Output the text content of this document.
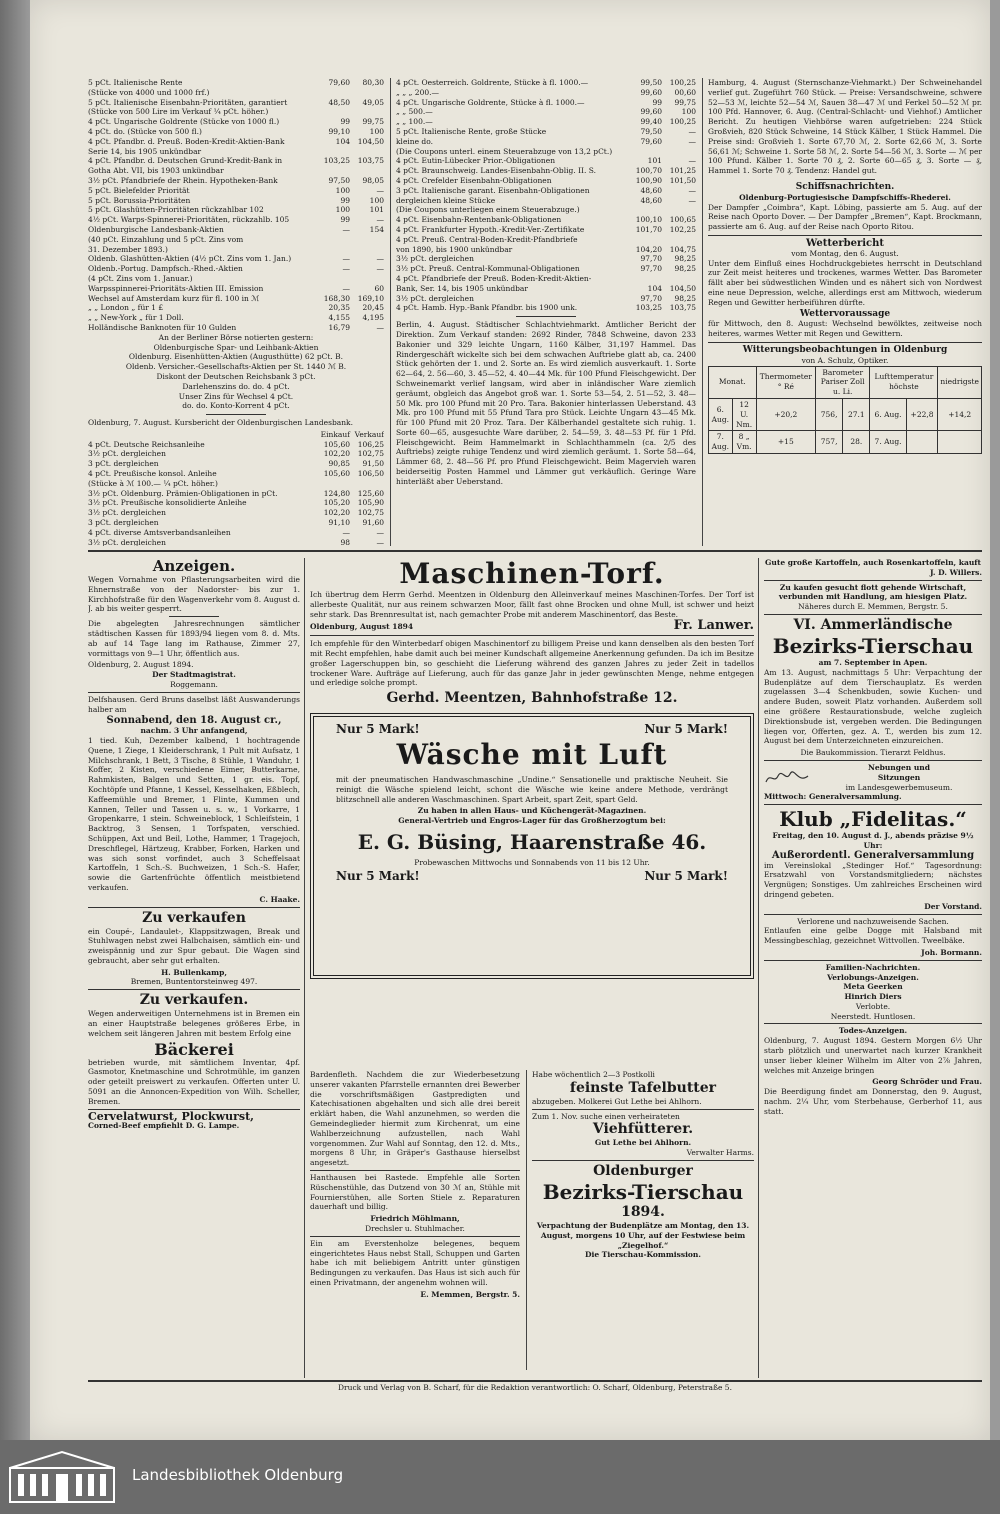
5 pCt. Italienische Rente	79,60	80,30
(Stücke von 4000 und 1000 frf.)
5 pCt. Italienische Eisenbahn-Prioritäten, garantiert	48,50	49,05
(Stücke von 500 Lire im Verkauf ¼ pCt. höher.)
4 pCt. Ungarische Goldrente (Stücke von 1000 fl.)	99	99,75
4 pCt. do. (Stücke von 500 fl.)	99,10	100
4 pCt. Pfandbr. d. Preuß. Boden-Kredit-Aktien-Bank	104	104,50
Serie 14, bis 1905 unkündbar
4 pCt. Pfandbr. d. Deutschen Grund-Kredit-Bank in	103,25	103,75
Gotha Abt. VII, bis 1903 unkündbar
3½ pCt. Pfandbriefe der Rhein. Hypotheken-Bank	97,50	98,05
5 pCt. Bielefelder Priorität	100	—
5 pCt. Borussia-Prioritäten	99	100
5 pCt. Glashütten-Prioritäten rückzahlbar 102	100	101
4½ pCt. Warps-Spinnerei-Prioritäten, rückzahlb. 105	99	—
Oldenburgische Landesbank-Aktien	—	154
(40 pCt. Einzahlung und 5 pCt. Zins vom
31. Dezember 1893.)
Oldenb. Glashütten-Aktien (4½ pCt. Zins vom 1. Jan.)	—	—
Oldenb.-Portug. Dampfsch.-Rhed.-Aktien	—	—
(4 pCt. Zins vom 1. Januar.)
Warpsspinnerei-Prioritäts-Aktien III. Emission	—	60
Wechsel auf Amsterdam kurz für fl. 100 in ℳ	168,30	169,10
„ „ London „ für 1 £	20,35	20,45
„ „ New-York „ für 1 Doll.	4,155	4,195
Holländische Banknoten für 10 Gulden	16,79	—
An der Berliner Börse notierten gestern:
Oldenburgische Spar- und Leihbank-Aktien
Oldenburg. Eisenhütten-Aktien (Augusthütte) 62 pCt. B.
Oldenb. Versicher.-Gesellschafts-Aktien per St. 1440 ℳ B.
Diskont der Deutschen Reichsbank 3 pCt.
Darlehenszins do. do. 4 pCt.
Unser Zins für Wechsel 4 pCt.
do. do. Konto-Korrent 4 pCt.
Oldenburg, 7. August. Kursbericht der Oldenburgischen Landesbank.
Einkauf Verkauf
4 pCt. Deutsche Reichsanleihe	105,60	106,25
3½ pCt. dergleichen	102,20	102,75
3 pCt. dergleichen	90,85	91,50
4 pCt. Preußische konsol. Anleihe	105,60	106,50
(Stücke à ℳ 100.— ¼ pCt. höher.)
3½ pCt. Oldenburg. Prämien-Obligationen in pCt.	124,80	125,60
3½ pCt. Preußische konsolidierte Anleihe	105,20	105,90
3½ pCt. dergleichen	102,20	102,75
3 pCt. dergleichen	91,10	91,60
4 pCt. diverse Amtsverbandsanleihen	—	—
3½ pCt. dergleichen	98	—
4 pCt. Oesterreich. Goldrente, Stücke à fl. 1000.—	99,50	100,25
„ „ „ 200.—	99,60	00,60
4 pCt. Ungarische Goldrente, Stücke à fl. 1000.—	99	99,75
„ „ 500.—	99,60	100
„ „ 100.—	99,40	100,25
5 pCt. Italienische Rente, große Stücke	79,50	—
kleine do.	79,60	—
(Die Coupons unterl. einem Steuerabzuge von 13,2 pCt.)
4 pCt. Eutin-Lübecker Prior.-Obligationen	101	—
4 pCt. Braunschweig. Landes-Eisenbahn-Oblig. II. S.	100,70	101,25
4 pCt. Crefelder Eisenbahn-Obligationen	100,90	101,50
3 pCt. Italienische garant. Eisenbahn-Obligationen	48,60	—
dergleichen kleine Stücke	48,60	—
(Die Coupons unterliegen einem Steuerabzuge.)
4 pCt. Eisenbahn-Rentenbank-Obligationen	100,10	100,65
4 pCt. Frankfurter Hypoth.-Kredit-Ver.-Zertifikate	101,70	102,25
4 pCt. Preuß. Central-Boden-Kredit-Pfandbriefe
von 1890, bis 1900 unkündbar	104,20	104,75
3½ pCt. dergleichen	97,70	98,25
3½ pCt. Preuß. Central-Kommunal-Obligationen	97,70	98,25
4 pCt. Pfandbriefe der Preuß. Boden-Kredit-Aktien-
Bank, Ser. 14, bis 1905 unkündbar	104	104,50
3½ pCt. dergleichen	97,70	98,25
4 pCt. Hamb. Hyp.-Bank Pfandbr. bis 1900 unk.	103,25	103,75
Berlin, 4. August. Städtischer Schlachtviehmarkt. Amtlicher Bericht der Direktion. Zum Verkauf standen: 2692 Rinder, 7848 Schweine, davon 233 Bakonier und 329 leichte Ungarn, 1160 Kälber, 31,197 Hammel. Das Rindergeschäft wickelte sich bei dem schwachen Auftriebe glatt ab, ca. 2400 Stück gehörten der 1. und 2. Sorte an. Es wird ziemlich ausverkauft. 1. Sorte 62—64, 2. 56—60, 3. 45—52, 4. 40—44 Mk. für 100 Pfund Fleischgewicht. Der Schweinemarkt verlief langsam, wird aber in inländischer Ware ziemlich geräumt, obgleich das Angebot groß war. 1. Sorte 53—54, 2. 51—52, 3. 48—50 Mk. pro 100 Pfund mit 20 Pro. Tara. Bakonier hinterlassen Ueberstand. 43 Mk. pro 100 Pfund mit 55 Pfund Tara pro Stück. Leichte Ungarn 43—45 Mk. für 100 Pfund mit 20 Proz. Tara. Der Kälberhandel gestaltete sich ruhig. 1. Sorte 60—65, ausgesuchte Ware darüber, 2. 54—59, 3. 48—53 Pf. für 1 Pfd. Fleischgewicht. Beim Hammelmarkt in Schlachthammeln (ca. 2/5 des Auftriebs) zeigte ruhige Tendenz und wird ziemlich geräumt. 1. Sorte 58—64, Lämmer 68, 2. 48—56 Pf. pro Pfund Fleischgewicht. Beim Magervieh waren beiderseitig Posten Hammel und Lämmer gut verkäuflich. Geringe Ware hinterläßt aber Ueberstand.
Hamburg, 4. August (Sternschanze-Viehmarkt.) Der Schweinehandel verlief gut. Zugeführt 760 Stück. — Preise: Versandschweine, schwere 52—53 ℳ, leichte 52—54 ℳ, Sauen 38—47 ℳ und Ferkel 50—52 ℳ pr. 100 Pfd. Hannover, 6. Aug. (Central-Schlacht- und Viehhof.) Amtlicher Bericht. Zu heutigen Viehbörse waren aufgetrieben: 224 Stück Großvieh, 820 Stück Schweine, 14 Stück Kälber, 1 Stück Hammel. Die Preise sind: Großvieh 1. Sorte 67,70 ℳ, 2. Sorte 62,66 ℳ, 3. Sorte 56,61 ℳ; Schweine 1. Sorte 58 ℳ, 2. Sorte 54—56 ℳ, 3. Sorte — ℳ per 100 Pfund. Kälber 1. Sorte 70 ₰, 2. Sorte 60—65 ₰, 3. Sorte — ₰, Hammel 1. Sorte 70 ₰. Tendenz: Handel gut.
Schiffsnachrichten.
Oldenburg-Portugiesische Dampfschiffs-Rhederei.
Der Dampfer „Coimbra“, Kapt. Löbing, passierte am 5. Aug. auf der Reise nach Oporto Dover. — Der Dampfer „Bremen“, Kapt. Brockmann, passierte am 6. Aug. auf der Reise nach Oporto Ritou.
Wetterbericht
vom Montag, den 6. August.
Unter dem Einfluß eines Hochdruckgebietes herrscht in Deutschland zur Zeit meist heiteres und trockenes, warmes Wetter. Das Barometer fällt aber bei südwestlichen Winden und es nähert sich von Nordwest eine neue Depression, welche, allerdings erst am Mittwoch, wiederum Regen und Gewitter herbeiführen dürfte.
Wettervoraussage
für Mittwoch, den 8. August: Wechselnd bewölktes, zeitweise noch heiteres, warmes Wetter mit Regen und Gewittern.
Witterungsbeobachtungen in Oldenburg
von A. Schulz, Optiker.
Monat.		Thermometer ° Ré	Barometer Pariser Zoll u. Li.		Lufttemperatur höchste		niedrigste
6. Aug.	12 U. Nm.	+20,2	756,	27.1	6. Aug.	+22,8	+14,2
7. Aug.	8 „ Vm.	+15	757,	28.	7. Aug.		
Anzeigen.
Wegen Vornahme von Pflasterungsarbeiten wird die Ehnernstraße von der Nadorster- bis zur 1. Kirchhofstraße für den Wagenverkehr vom 8. August d. J. ab bis weiter gesperrt.
Die abgelegten Jahresrechnungen sämtlicher städtischen Kassen für 1893/94 liegen vom 8. d. Mts. ab auf 14 Tage lang im Rathause, Zimmer 27, vormittags von 9—1 Uhr, öffentlich aus.
Oldenburg, 2. August 1894.
Der Stadtmagistrat.
Roggemann.
Delfshausen. Gerd Bruns daselbst läßt Auswanderungs halber am
Sonnabend, den 18. August cr.,
nachm. 3 Uhr anfangend,
1 tied. Kuh, Dezember kalbend, 1 hochtragende Quene, 1 Ziege, 1 Kleiderschrank, 1 Pult mit Aufsatz, 1 Milchschrank, 1 Bett, 3 Tische, 8 Stühle, 1 Wanduhr, 1 Koffer, 2 Kisten, verschiedene Eimer, Butterkarne, Rahmkisten, Balgen und Setten, 1 gr. eis. Topf, Kochtöpfe und Pfanne, 1 Kessel, Kesselhaken, Eßblech, Kaffeemühle und Bremer, 1 Flinte, Kummen und Kannen, Teller und Tassen u. s. w., 1 Vorkarre, 1 Gropenkarre, 1 stein. Schweineblock, 1 Schleifstein, 1 Backtrog, 3 Sensen, 1 Torfspaten, verschied. Schüppen, Axt und Beil, Lothe, Hammer, 1 Tragejoch, Dreschflegel, Härtzeug, Krabber, Forken, Harken und was sich sonst vorfindet, auch 3 Scheffelsaat Kartoffeln, 1 Sch.-S. Buchweizen, 1 Sch.-S. Hafer, sowie die Gartenfrüchte öffentlich meistbietend verkaufen.
C. Haake.
Zu verkaufen
ein Coupé-, Landaulet-, Klappsitzwagen, Break und Stuhlwagen nebst zwei Halbchaisen, sämtlich ein- und zweispännig und zur Spur gebaut. Die Wagen sind gebraucht, aber sehr gut erhalten.
H. Bullenkamp,
Bremen, Buntentorsteinweg 497.
Zu verkaufen.
Wegen anderweitigen Unternehmens ist in Bremen ein an einer Hauptstraße belegenes größeres Erbe, in welchem seit längeren Jahren mit bestem Erfolg eine
Bäckerei
betrieben wurde, mit sämtlichem Inventar, 4pf. Gasmotor, Knetmaschine und Schrotmühle, im ganzen oder geteilt preiswert zu verkaufen. Offerten unter U. 5091 an die Annoncen-Expedition von Wilh. Scheller, Bremen.
Cervelatwurst, Plockwurst,
Corned-Beef empfiehlt D. G. Lampe.
Maschinen-Torf.
Ich übertrug dem Herrn Gerhd. Meentzen in Oldenburg den Alleinverkauf meines Maschinen-Torfes. Der Torf ist allerbeste Qualität, nur aus reinem schwarzen Moor, fällt fast ohne Brocken und ohne Mull, ist schwer und heizt sehr stark. Das Brennresultat ist, nach gemachter Probe mit anderem Maschinentorf, das Beste.
Oldenburg, August 1894	Fr. Lanwer.
Ich empfehle für den Winterbedarf obigen Maschinentorf zu billigem Preise und kann denselben als den besten Torf mit Recht empfehlen, habe damit auch bei meiner Kundschaft allgemeine Anerkennung gefunden. Da ich im Besitze großer Lagerschuppen bin, so geschieht die Lieferung während des ganzen Jahres zu jeder Zeit in tadellos trockener Ware. Aufträge auf Lieferung, auch für das ganze Jahr in jeder gewünschten Menge, nehme entgegen und erledige solche prompt.
Gerhd. Meentzen, Bahnhofstraße 12.
Nur 5 Mark!	Nur 5 Mark!
Wäsche mit Luft
mit der pneumatischen Handwaschmaschine „Undine.“ Sensationelle und praktische Neuheit. Sie reinigt die Wäsche spielend leicht, schont die Wäsche wie keine andere Methode, verdrängt blitzschnell alle anderen Waschmaschinen. Spart Arbeit, spart Zeit, spart Geld.
Zu haben in allen Haus- und Küchengerät-Magazinen.
General-Vertrieb und Engros-Lager für das Großherzogtum bei:
E. G. Büsing, Haarenstraße 46.
Probewaschen Mittwochs und Sonnabends von 11 bis 12 Uhr.
Nur 5 Mark!	Nur 5 Mark!
Bardenfleth. Nachdem die zur Wiederbesetzung unserer vakanten Pfarrstelle ernannten drei Bewerber die vorschriftsmäßigen Gastpredigten und Katechisationen abgehalten und sich alle drei bereit erklärt haben, die Wahl anzunehmen, so werden die Gemeindeglieder hiermit zum Kirchenrat, um eine Wahlberzeichnung aufzustellen, nach Wahl vorgenommen. Zur Wahl auf Sonntag, den 12. d. Mts., morgens 8 Uhr, in Gräper's Gasthause hierselbst angesetzt.
Hanthausen bei Rastede. Empfehle alle Sorten Rüschenstühle, das Dutzend von 30 ℳ an, Stühle mit Fournierstühen, alle Sorten Stiele z. Reparaturen dauerhaft und billig.
Friedrich Möhlmann,
Drechsler u. Stuhlmacher.
Ein am Everstenholze belegenes, bequem eingerichtetes Haus nebst Stall, Schuppen und Garten habe ich mit beliebigem Antritt unter günstigen Bedingungen zu verkaufen. Das Haus ist sich auch für einen Privatmann, der angenehm wohnen will.
E. Memmen, Bergstr. 5.
Habe wöchentlich 2—3 Postkolli
feinste Tafelbutter
abzugeben. Molkerei Gut Lethe bei Ahlhorn.
Zum 1. Nov. suche einen verheirateten
Viehfütterer.
Gut Lethe bei Ahlhorn.
Verwalter Harms.
Oldenburger
Bezirks-Tierschau
1894.
Verpachtung der Budenplätze am Montag, den 13. August, morgens 10 Uhr, auf der Festwiese beim „Ziegelhof.“
Die Tierschau-Kommission.
Gute große Kartoffeln, auch Rosenkartoffeln, kauft
J. D. Willers.
Zu kaufen gesucht flott gehende Wirtschaft, verbunden mit Handlung, am hiesigen Platz.
Näheres durch E. Memmen, Bergstr. 5.
VI. Ammerländische
Bezirks-Tierschau
am 7. September in Apen.
Am 13. August, nachmittags 5 Uhr: Verpachtung der Budenplätze auf dem Tierschauplatz. Es werden zugelassen 3—4 Schenkbuden, sowie Kuchen- und andere Buden, soweit Platz vorhanden. Außerdem soll eine größere Restaurationsbude, welche zugleich Direktionsbude ist, vergeben werden. Die Bedingungen liegen vor, Offerten, gez. A. T., werden bis zum 12. August bei dem Unterzeichneten einzureichen.
Die Baukommission. Tierarzt Feldhus.
Nebungen und
Sitzungen
im Landesgewerbemuseum.
Mittwoch: Generalversammlung.
Klub „Fidelitas.“
Freitag, den 10. August d. J., abends präzise 9½ Uhr:
Außerordentl. Generalversammlung
im Vereinslokal „Stedinger Hof.“ Tagesordnung: Ersatzwahl von Vorstandsmitgliedern; nächstes Vergnügen; Sonstiges. Um zahlreiches Erscheinen wird dringend gebeten.
Der Vorstand.
Verlorene und nachzuweisende Sachen.
Entlaufen eine gelbe Dogge mit Halsband mit Messingbeschlag, gezeichnet Wittvollen. Tweelbäke.
Joh. Bormann.
Familien-Nachrichten.
Verlobungs-Anzeigen.
Meta Geerken
Hinrich Diers
Verlobte.
Neerstedt. Huntlosen.
Todes-Anzeigen.
Oldenburg, 7. August 1894. Gestern Morgen 6½ Uhr starb plötzlich und unerwartet nach kurzer Krankheit unser lieber kleiner Wilhelm im Alter von 2⅞ Jahren, welches mit Anzeige bringen
Georg Schröder und Frau.
Die Beerdigung findet am Donnerstag, den 9. August, nachm. 2¼ Uhr, vom Sterbehause, Gerberhof 11, aus statt.
Druck und Verlag von B. Scharf, für die Redaktion verantwortlich: O. Scharf, Oldenburg, Peterstraße 5.
Landesbibliothek Oldenburg
